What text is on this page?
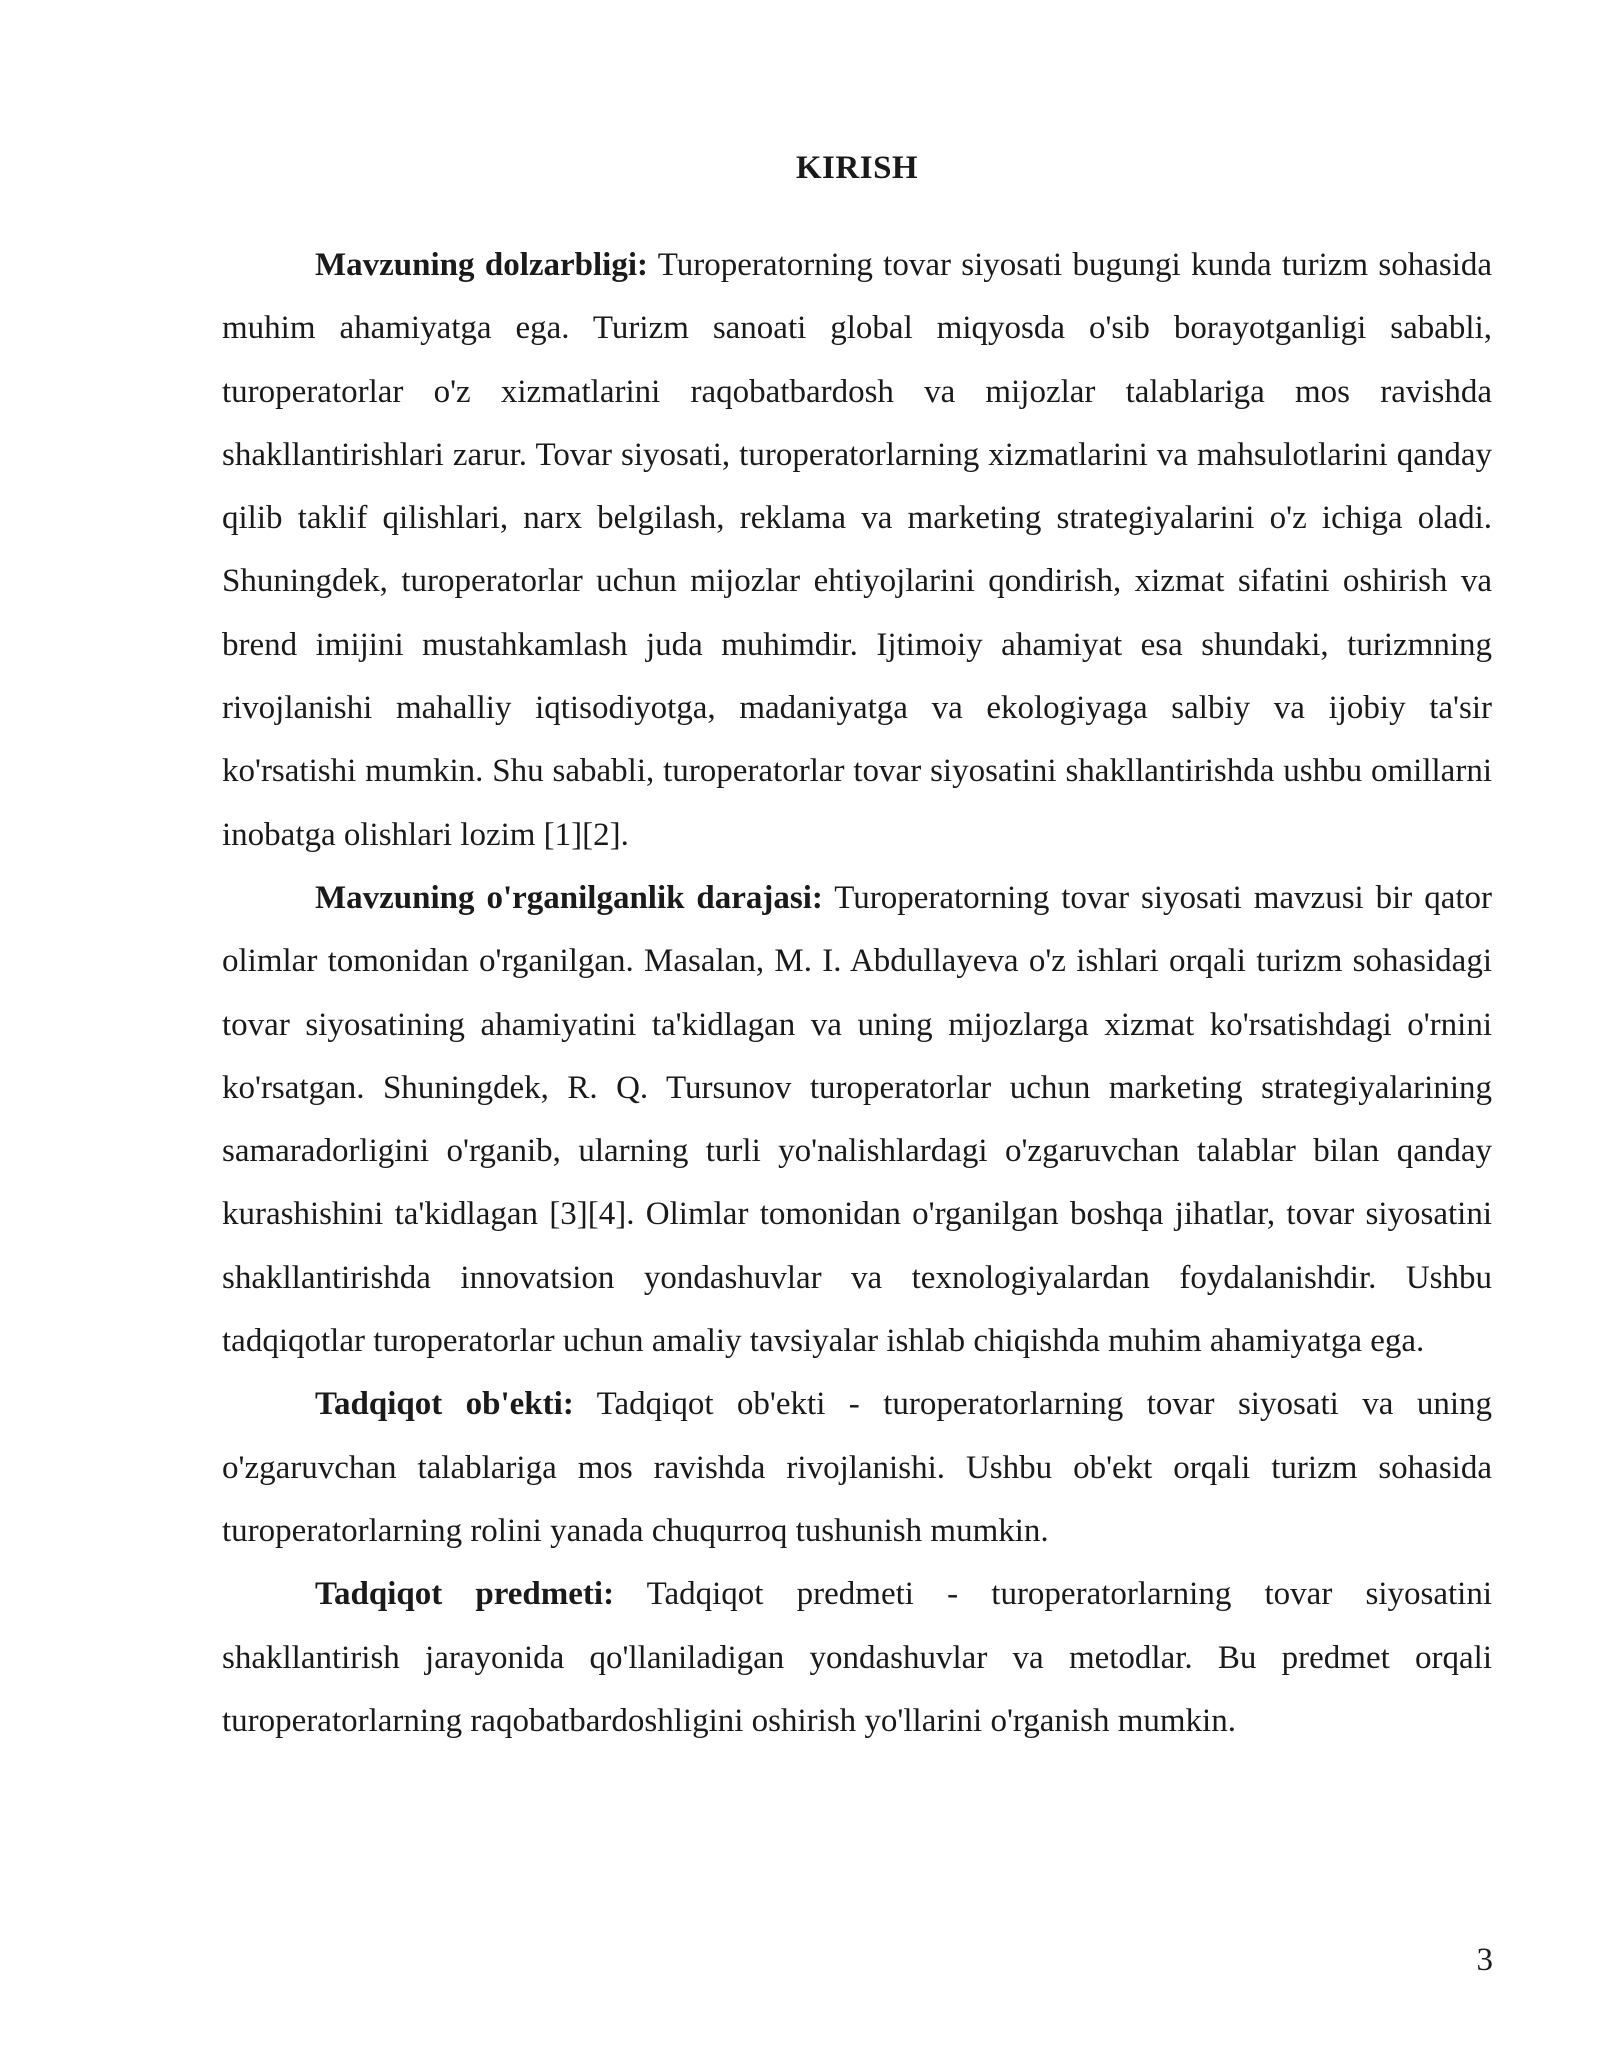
KIRISH

Mavzuning dolzarbligi: Turoperatorning tovar siyosati bugungi kunda turizm sohasida muhim ahamiyatga ega. Turizm sanoati global miqyosda o'sib borayotganligi sababli, turoperatorlar o'z xizmatlarini raqobatbardosh va mijozlar talablariga mos ravishda shakllantirishlari zarur. Tovar siyosati, turoperatorlarning xizmatlarini va mahsulotlarini qanday qilib taklif qilishlari, narx belgilash, reklama va marketing strategiyalarini o'z ichiga oladi. Shuningdek, turoperatorlar uchun mijozlar ehtiyojlarini qondirish, xizmat sifatini oshirish va brend imijini mustahkamlash juda muhimdir. Ijtimoiy ahamiyat esa shundaki, turizmning rivojlanishi mahalliy iqtisodiyotga, madaniyatga va ekologiyaga salbiy va ijobiy ta'sir ko'rsatishi mumkin. Shu sababli, turoperatorlar tovar siyosatini shakllantirishda ushbu omillarni inobatga olishlari lozim [1][2].

Mavzuning o'rganilganlik darajasi: Turoperatorning tovar siyosati mavzusi bir qator olimlar tomonidan o'rganilgan. Masalan, M. I. Abdullayeva o'z ishlari orqali turizm sohasidagi tovar siyosatining ahamiyatini ta'kidlagan va uning mijozlarga xizmat ko'rsatishdagi o'rnini ko'rsatgan. Shuningdek, R. Q. Tursunov turoperatorlar uchun marketing strategiyalarining samaradorligini o'rganib, ularning turli yo'nalishlardagi o'zgaruvchan talablar bilan qanday kurashishini ta'kidlagan [3][4]. Olimlar tomonidan o'rganilgan boshqa jihatlar, tovar siyosatini shakllantirishda innovatsion yondashuvlar va texnologiyalardan foydalanishdir. Ushbu tadqiqotlar turoperatorlar uchun amaliy tavsiyalar ishlab chiqishda muhim ahamiyatga ega.

Tadqiqot ob'ekti: Tadqiqot ob'ekti - turoperatorlarning tovar siyosati va uning o'zgaruvchan talablariga mos ravishda rivojlanishi. Ushbu ob'ekt orqali turizm sohasida turoperatorlarning rolini yanada chuqurroq tushunish mumkin.

Tadqiqot predmeti: Tadqiqot predmeti - turoperatorlarning tovar siyosatini shakllantirish jarayonida qo'llaniladigan yondashuvlar va metodlar. Bu predmet orqali turoperatorlarning raqobatbardoshligini oshirish yo'llarini o'rganish mumkin.

3
